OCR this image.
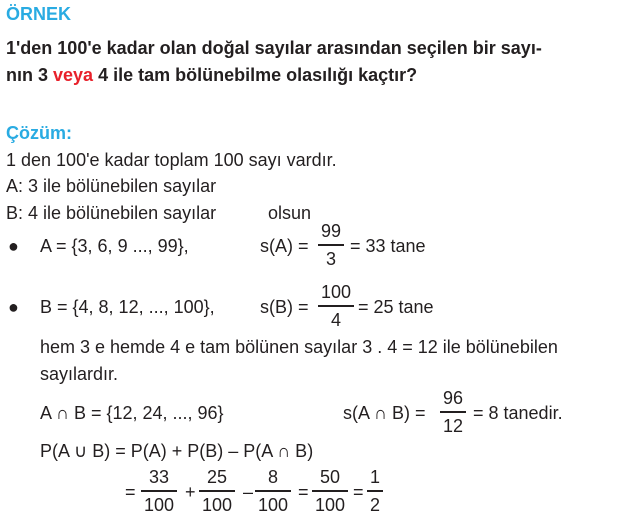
ÖRNEK
1'den 100'e kadar olan doğal sayılar arasından seçilen bir sayı-
nın 3 veya 4 ile tam bölünebilme olasılığı kaçtır?
Çözüm:
1 den 100'e kadar toplam 100 sayı vardır.
A: 3 ile bölünebilen sayılar
B: 4 ile bölünebilen sayılar	olsun
● A = {3, 6, 9 ..., 99},	s(A) =
99
3
= 33 tane
● B = {4, 8, 12, ..., 100},	s(B) =
100
4
= 25 tane
hem 3 e hemde 4 e tam bölünen sayılar 3 . 4 = 12 ile bölünebilen
sayılardır.
A ∩ B = {12, 24, ..., 96}	s(A ∩ B) =
96
12
= 8 tanedir.
P(A ∪ B) = P(A) + P(B) – P(A ∩ B)
=
33
100
+
25
100
–
8
100
=
50
100
=
1
2
